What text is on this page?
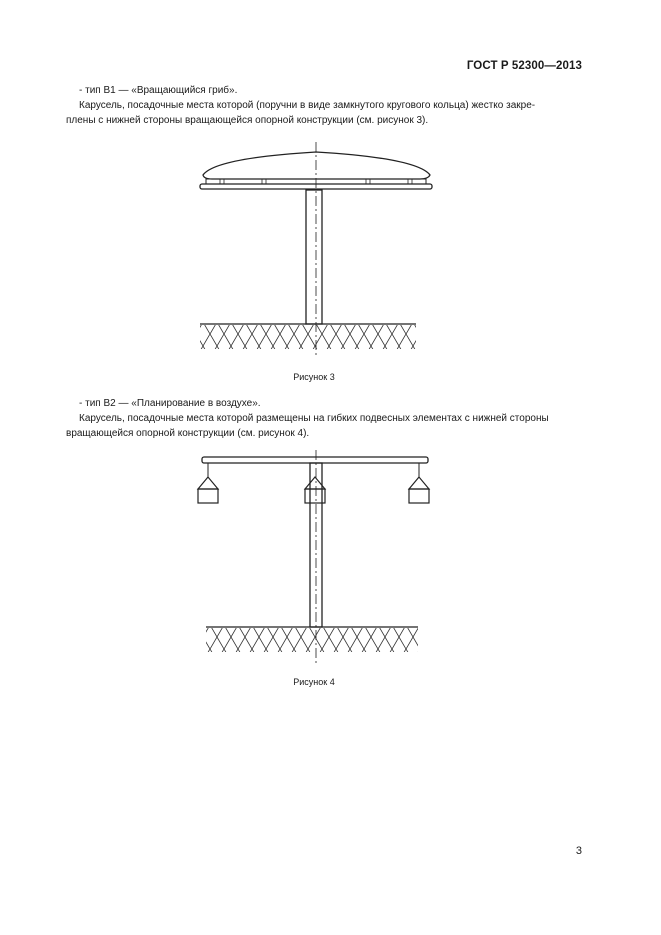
ГОСТ Р 52300—2013

- тип В1 — «Вращающийся гриб».

Карусель, посадочные места которой (поручни в виде замкнутого кругового кольца) жестко закре-

плены с нижней стороны вращающейся опорной конструкции (см. рисунок 3).

Рисунок 3

- тип В2 — «Планирование в воздухе».

Карусель, посадочные места которой размещены на гибких подвесных элементах с нижней стороны

вращающейся опорной конструкции (см. рисунок 4).

Рисунок 4
3
